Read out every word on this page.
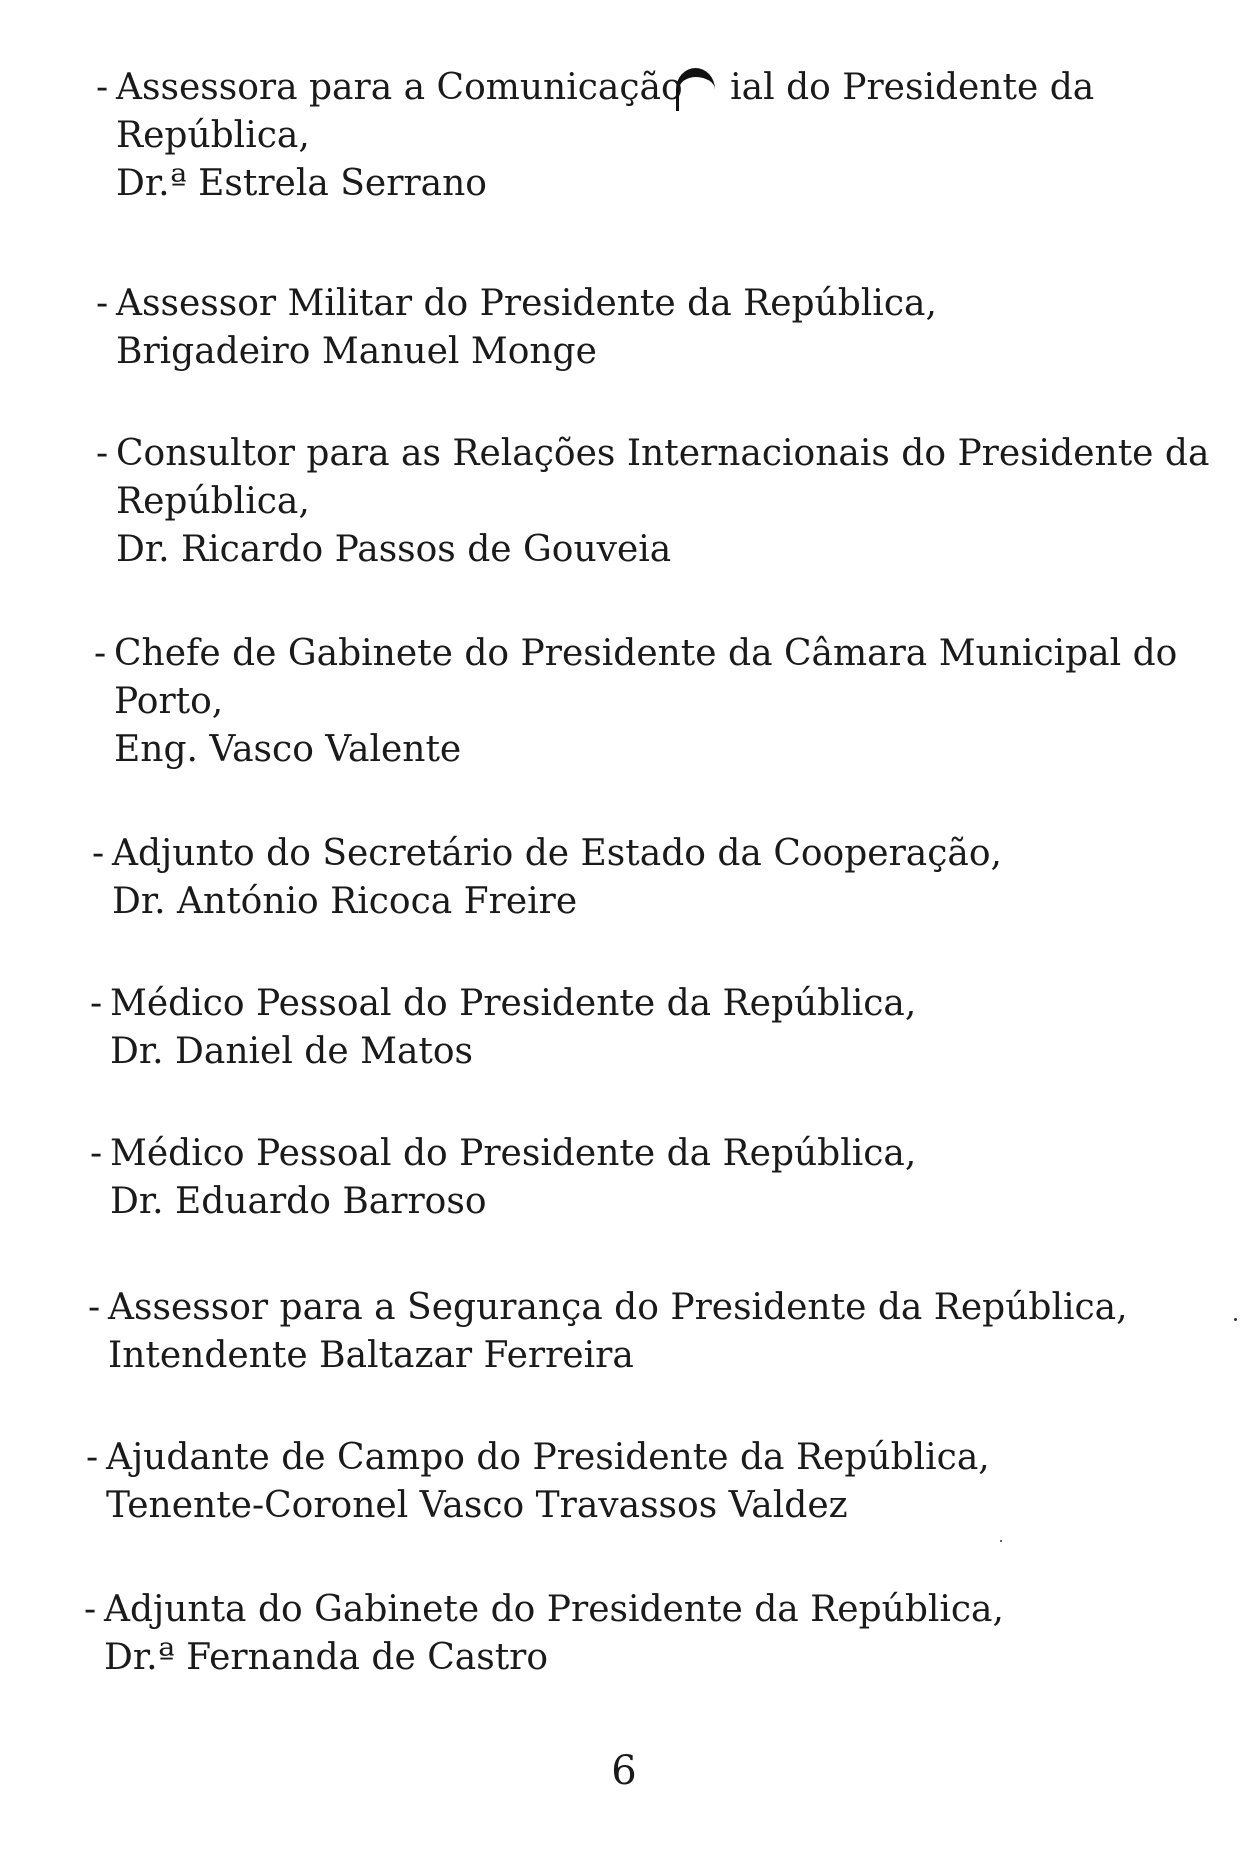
- Assessora para a Comunicação ial do Presidente da
República,
Dr.ª Estrela Serrano
- Assessor Militar do Presidente da República,
Brigadeiro Manuel Monge
- Consultor para as Relações Internacionais do Presidente da
República,
Dr. Ricardo Passos de Gouveia
- Chefe de Gabinete do Presidente da Câmara Municipal do
Porto,
Eng. Vasco Valente
- Adjunto do Secretário de Estado da Cooperação,
Dr. António Ricoca Freire
- Médico Pessoal do Presidente da República,
Dr. Daniel de Matos
- Médico Pessoal do Presidente da República,
Dr. Eduardo Barroso
- Assessor para a Segurança do Presidente da República,
Intendente Baltazar Ferreira
- Ajudante de Campo do Presidente da República,
Tenente-Coronel Vasco Travassos Valdez
- Adjunta do Gabinete do Presidente da República,
Dr.ª Fernanda de Castro
6
